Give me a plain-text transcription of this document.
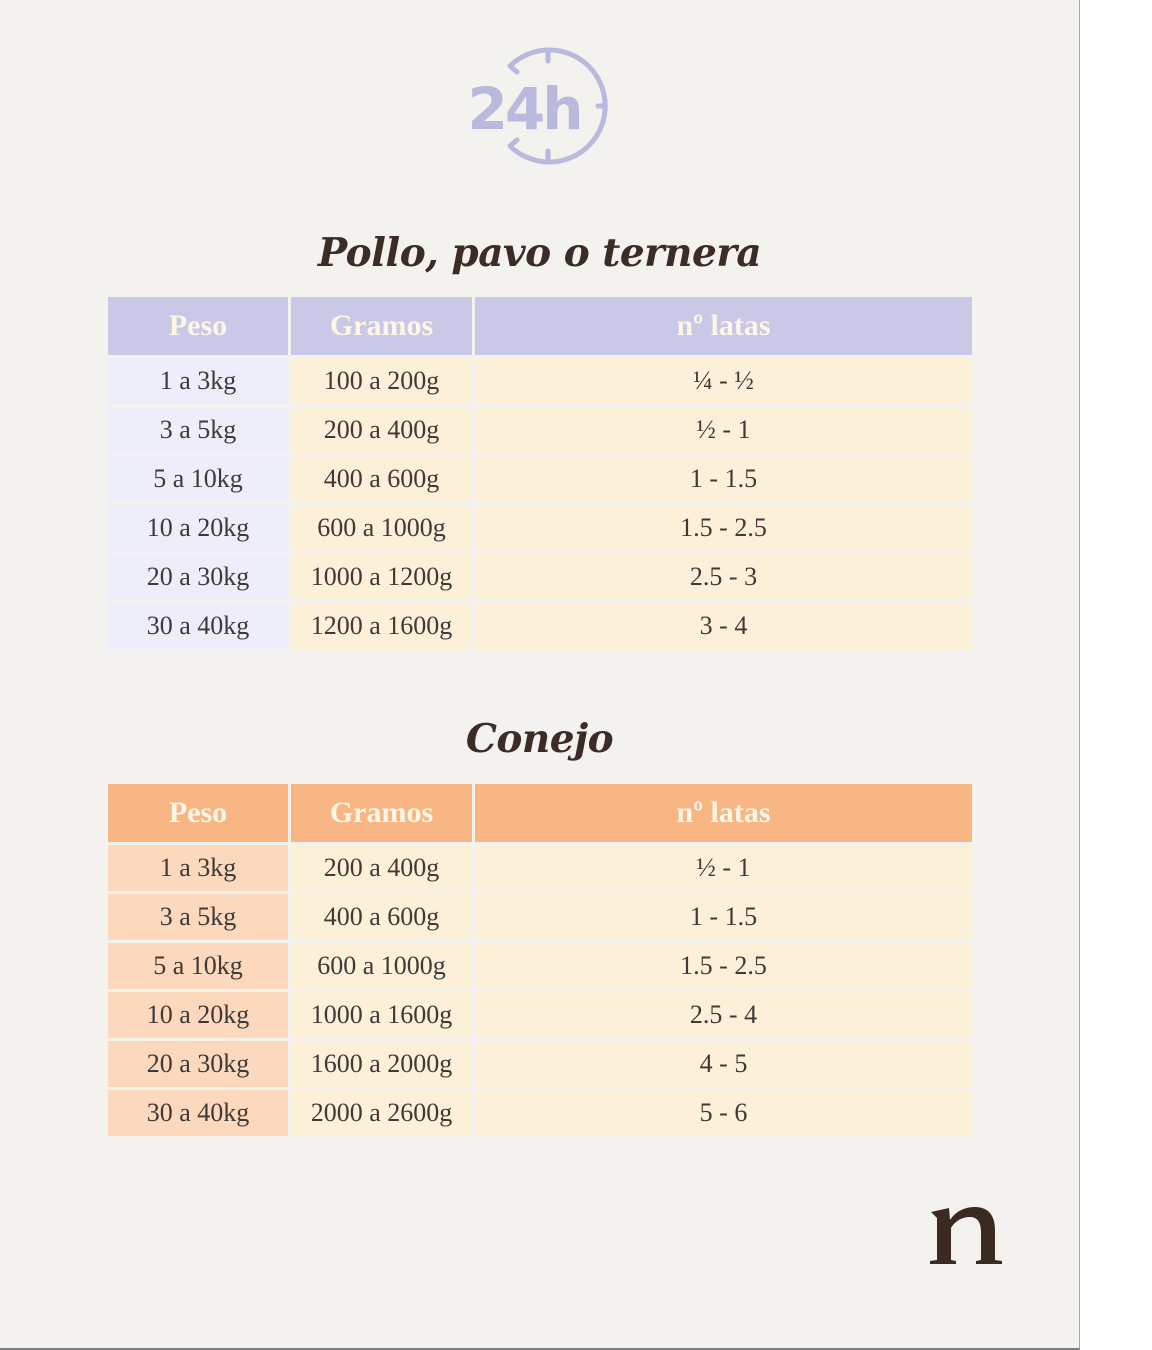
24h
Pollo, pavo o ternera
Peso	Gramos	nº latas
1 a 3kg	100 a 200g	¼ - ½
3 a 5kg	200 a 400g	½ - 1
5 a 10kg	400 a 600g	1 - 1.5
10 a 20kg	600 a 1000g	1.5 - 2.5
20 a 30kg	1000 a 1200g	2.5 - 3
30 a 40kg	1200 a 1600g	3 - 4
Conejo
Peso	Gramos	nº latas
1 a 3kg	200 a 400g	½ - 1
3 a 5kg	400 a 600g	1 - 1.5
5 a 10kg	600 a 1000g	1.5 - 2.5
10 a 20kg	1000 a 1600g	2.5 - 4
20 a 30kg	1600 a 2000g	4 - 5
30 a 40kg	2000 a 2600g	5 - 6
